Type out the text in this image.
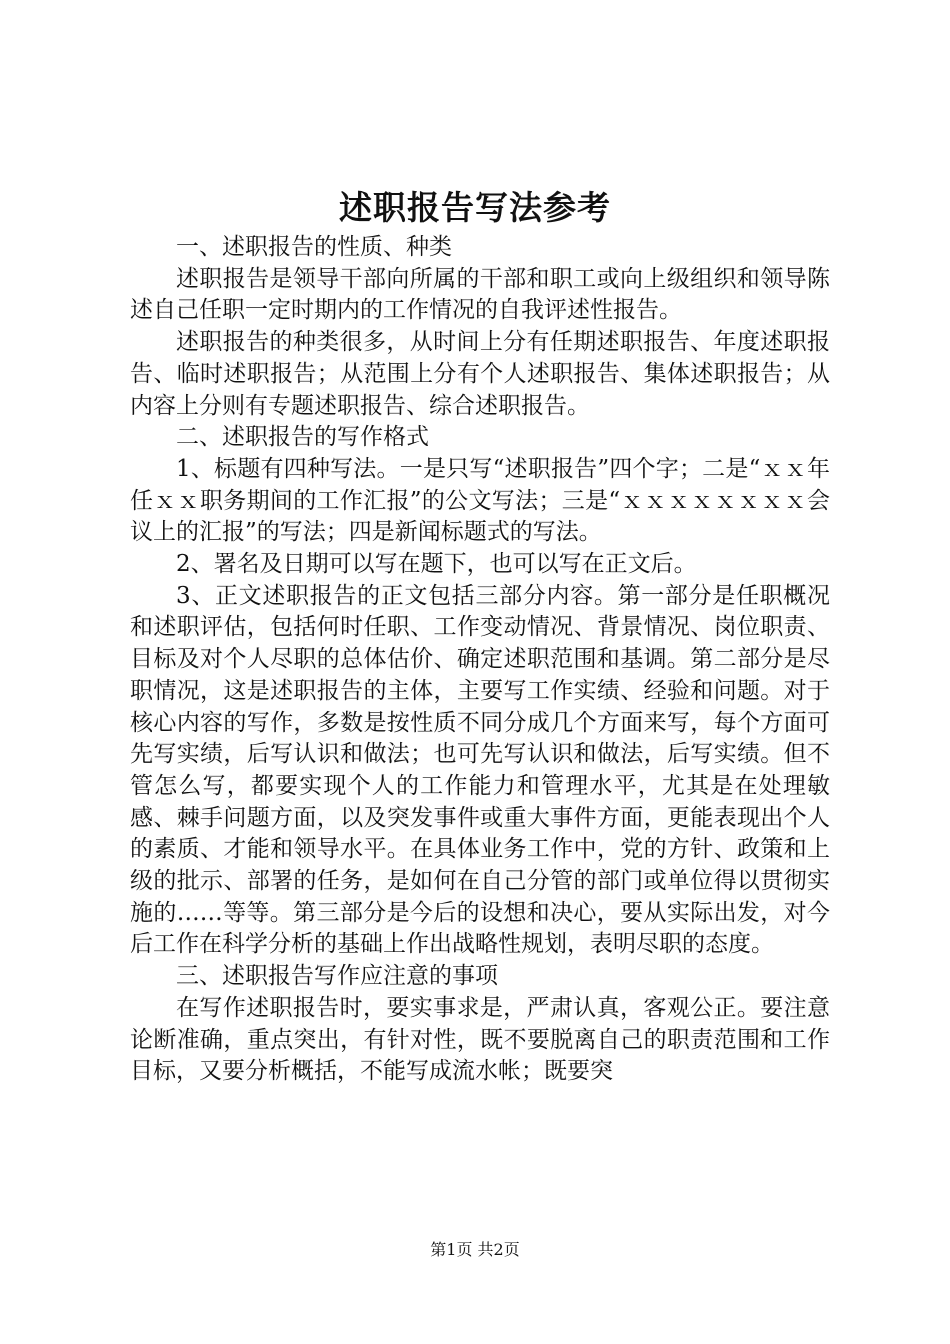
述职报告写法参考

一、述职报告的性质、种类

述职报告是领导干部向所属的干部和职工或向上级组织和领导陈述自己任职一定时期内的工作情况的自我评述性报告。

述职报告的种类很多，从时间上分有任期述职报告、年度述职报告、临时述职报告；从范围上分有个人述职报告、集体述职报告；从内容上分则有专题述职报告、综合述职报告。

二、述职报告的写作格式

1、标题有四种写法。一是只写“述职报告”四个字；二是“ｘｘ年任ｘｘ职务期间的工作汇报”的公文写法；三是“ｘｘｘｘｘｘｘｘ会议上的汇报”的写法；四是新闻标题式的写法。

2、署名及日期可以写在题下，也可以写在正文后。

3、正文述职报告的正文包括三部分内容。第一部分是任职概况和述职评估，包括何时任职、工作变动情况、背景情况、岗位职责、目标及对个人尽职的总体估价、确定述职范围和基调。第二部分是尽职情况，这是述职报告的主体，主要写工作实绩、经验和问题。对于核心内容的写作，多数是按性质不同分成几个方面来写，每个方面可先写实绩，后写认识和做法；也可先写认识和做法，后写实绩。但不管怎么写，都要实现个人的工作能力和管理水平，尤其是在处理敏感、棘手问题方面，以及突发事件或重大事件方面，更能表现出个人的素质、才能和领导水平。在具体业务工作中，党的方针、政策和上级的批示、部署的任务，是如何在自己分管的部门或单位得以贯彻实施的……等等。第三部分是今后的设想和决心，要从实际出发，对今后工作在科学分析的基础上作出战略性规划，表明尽职的态度。

三、述职报告写作应注意的事项

在写作述职报告时，要实事求是，严肃认真，客观公正。要注意论断准确，重点突出，有针对性，既不要脱离自己的职责范围和工作目标，又要分析概括，不能写成流水帐；既要突

第1页 共2页
